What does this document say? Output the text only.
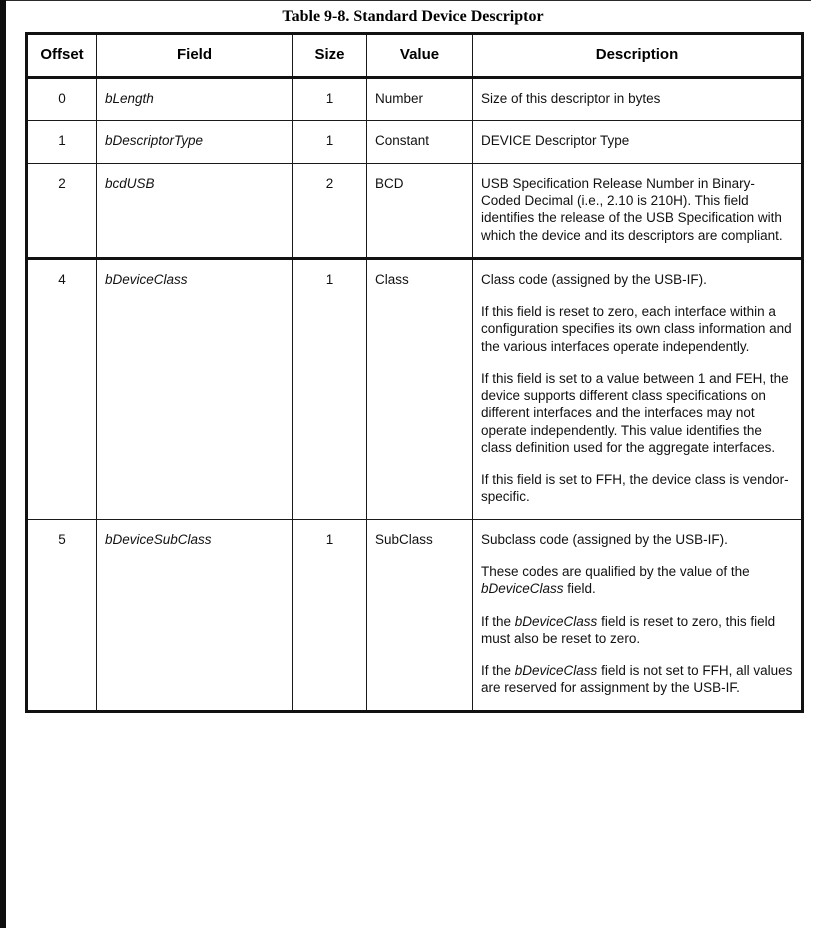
Table 9-8. Standard Device Descriptor
Offset	Field	Size	Value	Description
0	bLength	1	Number	Size of this descriptor in bytes

1	bDescriptorType	1	Constant	DEVICE Descriptor Type

2	bcdUSB	2	BCD	USB Specification Release Number in Binary-Coded Decimal (i.e., 2.10 is 210H). This field identifies the release of the USB Specification with which the device and its descriptors are compliant.

4	bDeviceClass	1	Class	Class code (assigned by the USB-IF).

If this field is reset to zero, each interface within a configuration specifies its own class information and the various interfaces operate independently.

If this field is set to a value between 1 and FEH, the device supports different class specifications on different interfaces and the interfaces may not operate independently. This value identifies the class definition used for the aggregate interfaces.

If this field is set to FFH, the device class is vendor-specific.

5	bDeviceSubClass	1	SubClass	Subclass code (assigned by the USB-IF).

These codes are qualified by the value of the bDeviceClass field.

If the bDeviceClass field is reset to zero, this field must also be reset to zero.

If the bDeviceClass field is not set to FFH, all values are reserved for assignment by the USB-IF.
